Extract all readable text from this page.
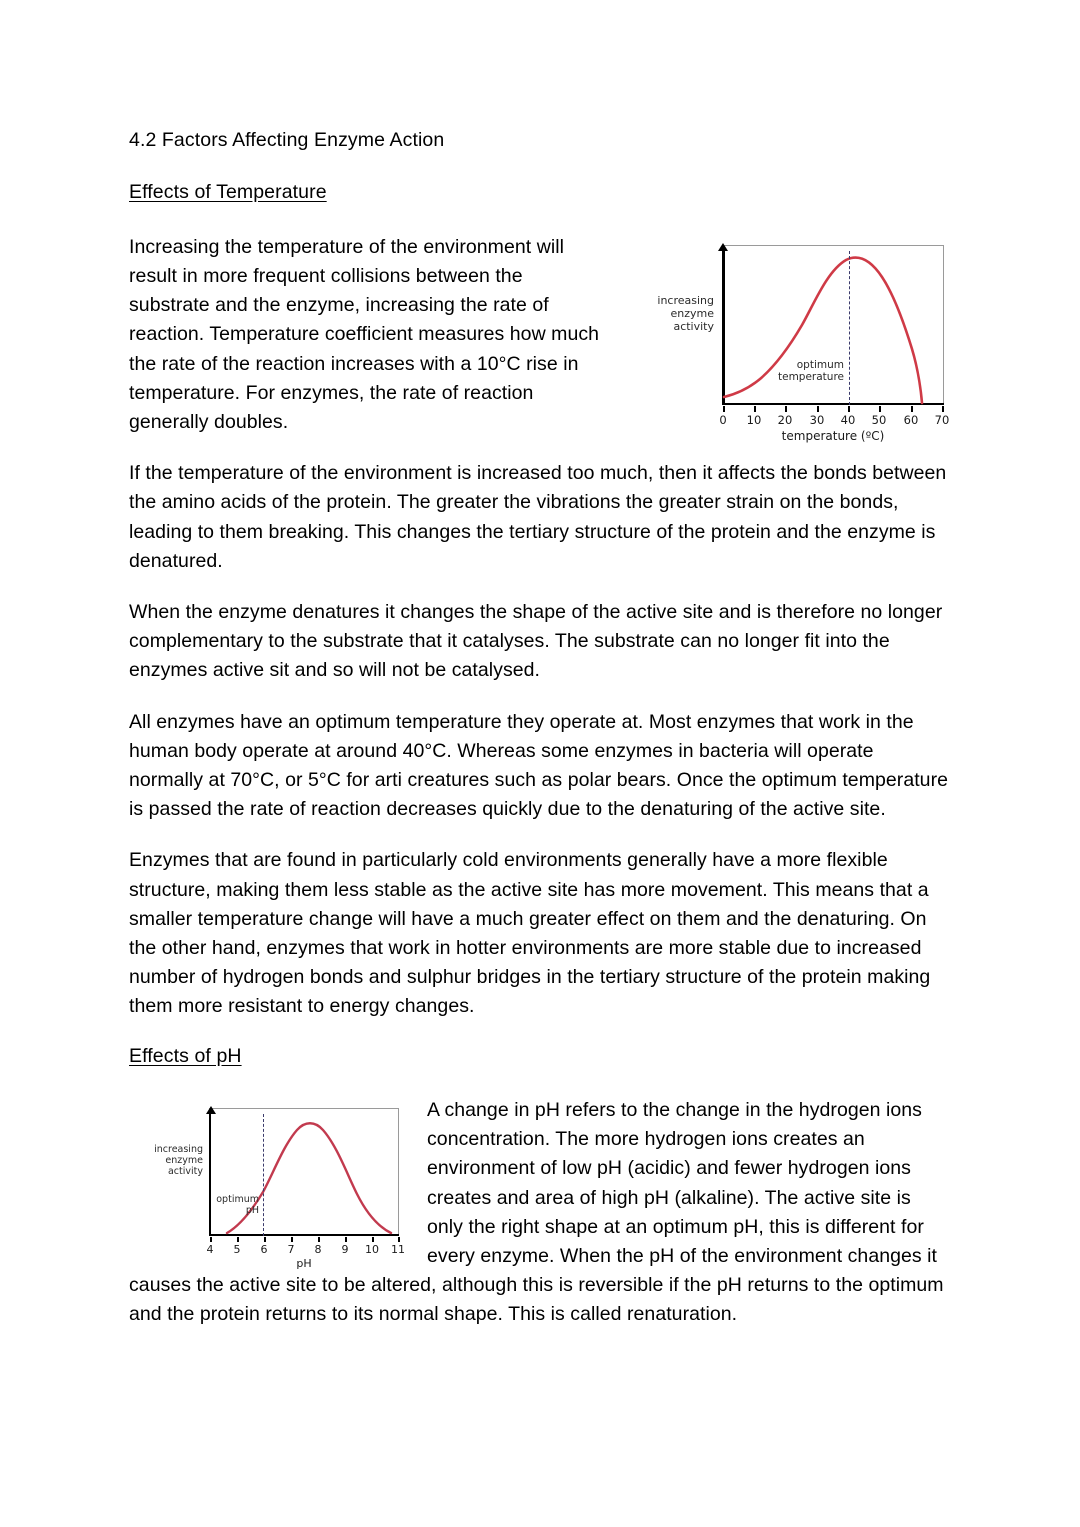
4.2 Factors Affecting Enzyme Action
Effects of Temperature
increasing
enzyme
activity
optimum
temperature
0	10	20	30	40	50	60	70
temperature (ºC)

Increasing the temperature of the environment will result in more frequent collisions between the substrate and the enzyme, increasing the rate of reaction. Temperature coefficient measures how much the rate of the reaction increases with a 10°C rise in temperature. For enzymes, the rate of reaction generally doubles.

If the temperature of the environment is increased too much, then it affects the bonds between the amino acids of the protein. The greater the vibrations the greater strain on the bonds, leading to them breaking. This changes the tertiary structure of the protein and the enzyme is denatured.

When the enzyme denatures it changes the shape of the active site and is therefore no longer complementary to the substrate that it catalyses. The substrate can no longer fit into the enzymes active sit and so will not be catalysed.

All enzymes have an optimum temperature they operate at. Most enzymes that work in the human body operate at around 40°C. Whereas some enzymes in bacteria will operate normally at 70°C, or 5°C for arti creatures such as polar bears. Once the optimum temperature is passed the rate of reaction decreases quickly due to the denaturing of the active site.

Enzymes that are found in particularly cold environments generally have a more flexible structure, making them less stable as the active site has more movement. This means that a smaller temperature change will have a much greater effect on them and the denaturing. On the other hand, enzymes that work in hotter environments are more stable due to increased number of hydrogen bonds and sulphur bridges in the tertiary structure of the protein making them more resistant to energy changes.

Effects of pH
increasing
enzyme
activity
optimum
pH
4	5	6	7	8	9	10	11
pH

A change in pH refers to the change in the hydrogen ions concentration. The more hydrogen ions creates an environment of low pH (acidic) and fewer hydrogen ions creates and area of high pH (alkaline). The active site is only the right shape at an optimum pH, this is different for every enzyme. When the pH of the environment changes it causes the active site to be altered, although this is reversible if the pH returns to the optimum and the protein returns to its normal shape. This is called renaturation.
